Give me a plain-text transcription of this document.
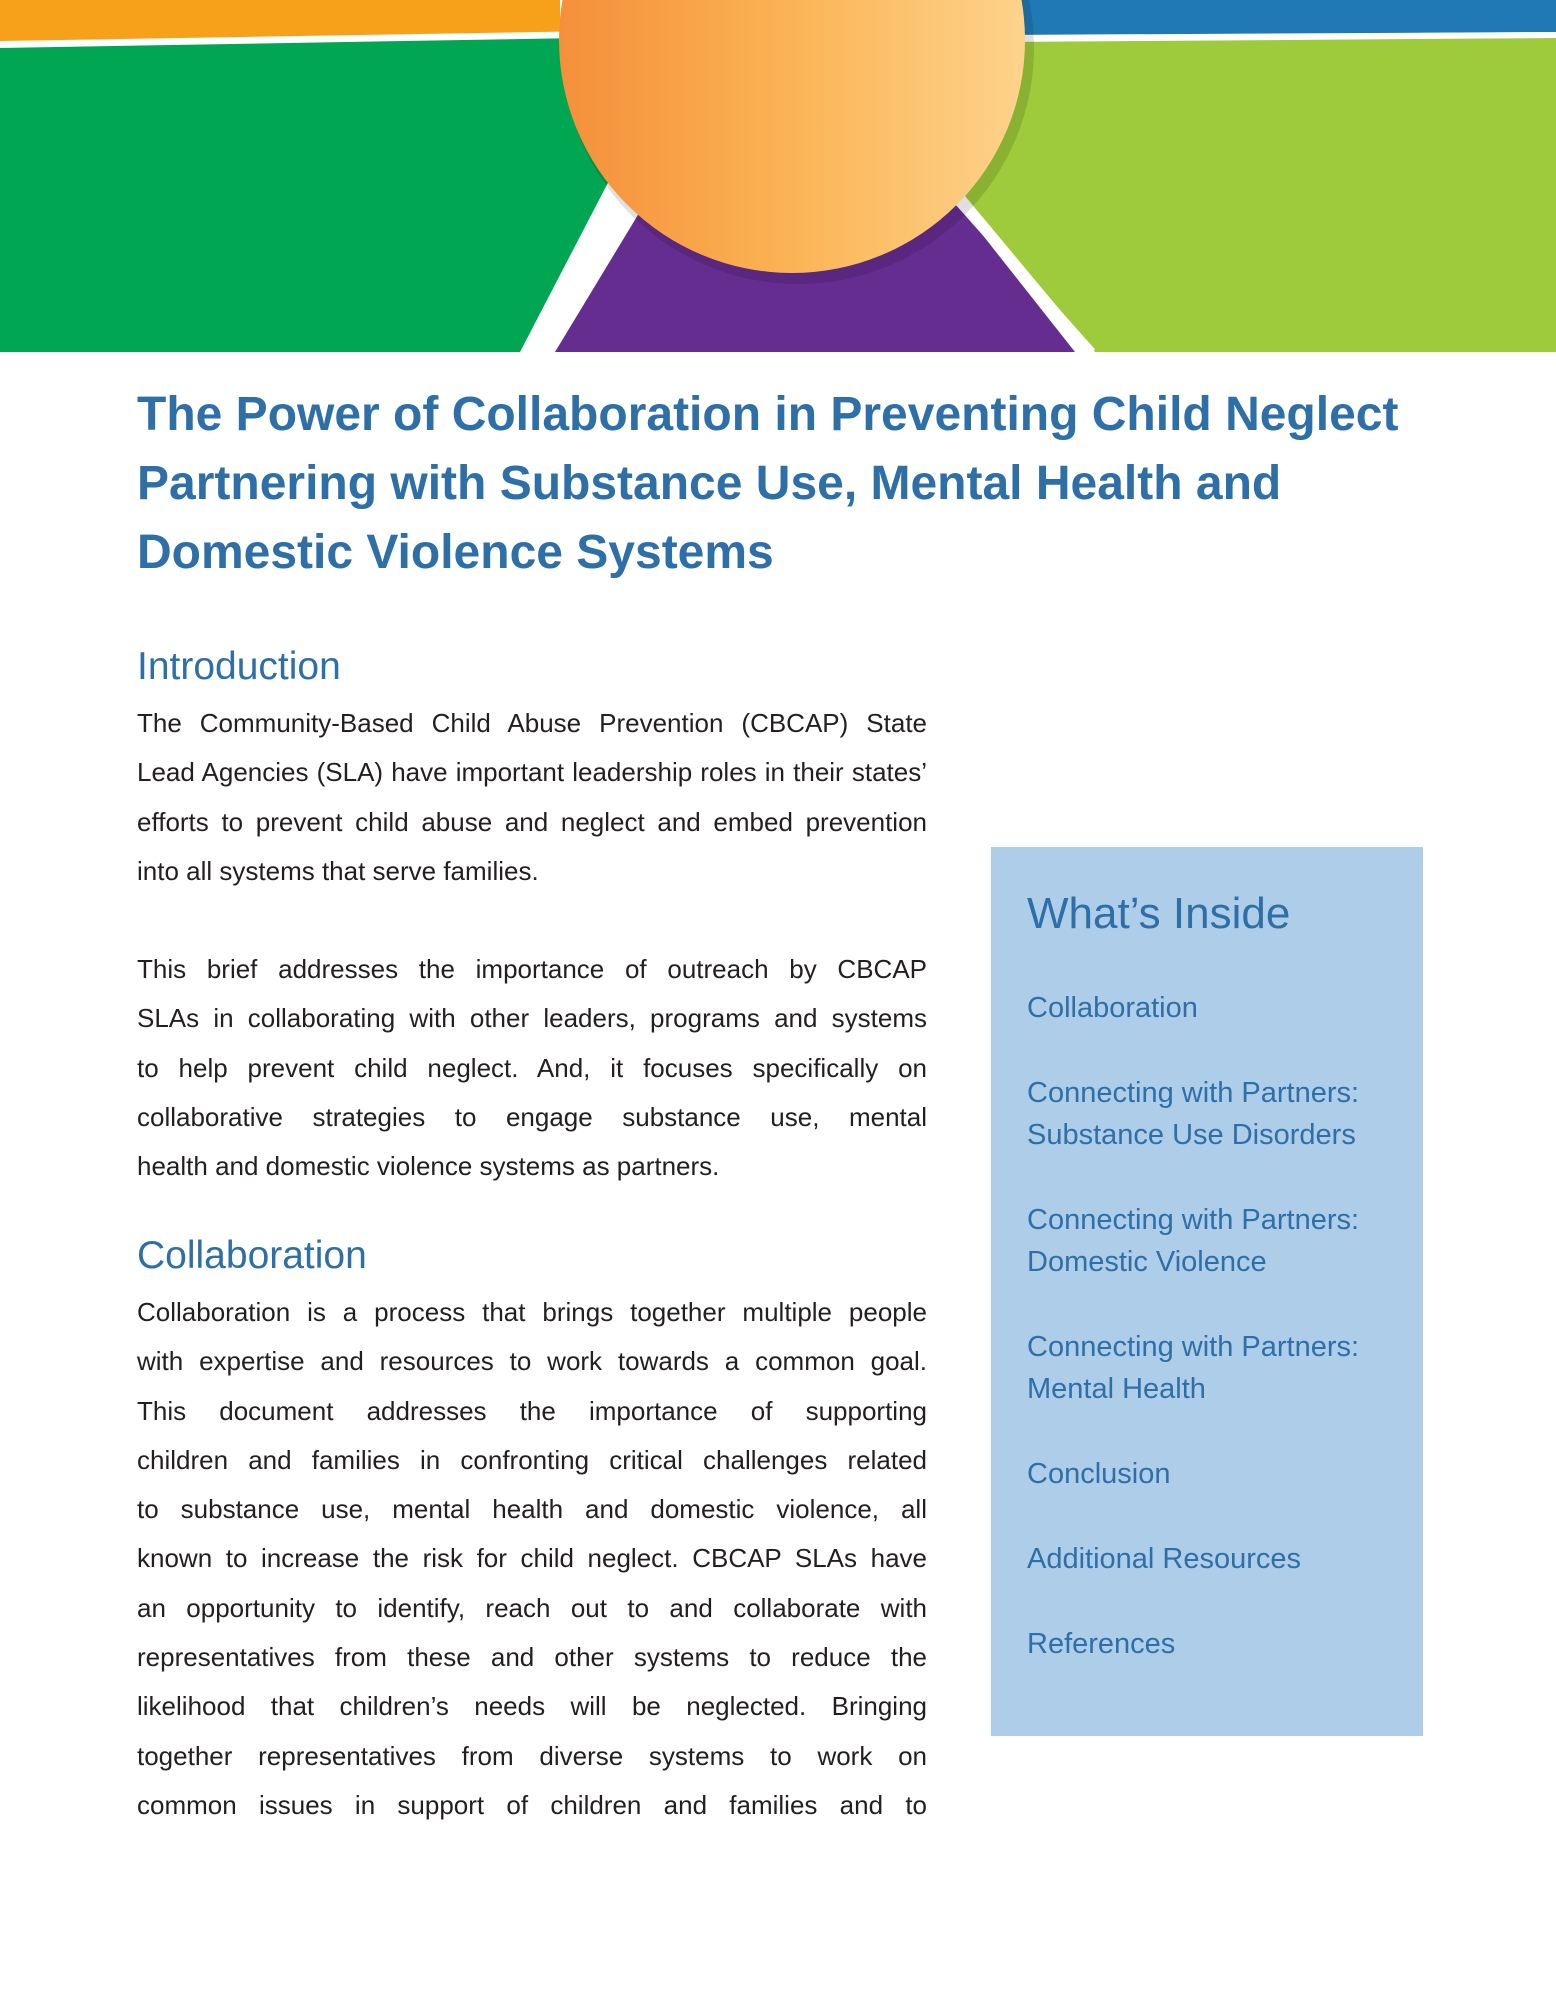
The Power of Collaboration in Preventing Child Neglect
Partnering with Substance Use, Mental Health and
Domestic Violence Systems
Introduction

The Community-Based Child Abuse Prevention (CBCAP) State
Lead Agencies (SLA) have important leadership roles in their states’
efforts to prevent child abuse and neglect and embed prevention
into all systems that serve families.

This brief addresses the importance of outreach by CBCAP
SLAs in collaborating with other leaders, programs and systems
to help prevent child neglect. And, it focuses specifically on
collaborative strategies to engage substance use, mental
health and domestic violence systems as partners.

Collaboration

Collaboration is a process that brings together multiple people
with expertise and resources to work towards a common goal.
This document addresses the importance of supporting
children and families in confronting critical challenges related
to substance use, mental health and domestic violence, all
known to increase the risk for child neglect. CBCAP SLAs have
an opportunity to identify, reach out to and collaborate with
representatives from these and other systems to reduce the
likelihood that children’s needs will be neglected. Bringing
together representatives from diverse systems to work on
common issues in support of children and families and to

What’s Inside
Collaboration
Connecting with Partners:
Substance Use Disorders
Connecting with Partners:
Domestic Violence
Connecting with Partners:
Mental Health
Conclusion
Additional Resources
References
